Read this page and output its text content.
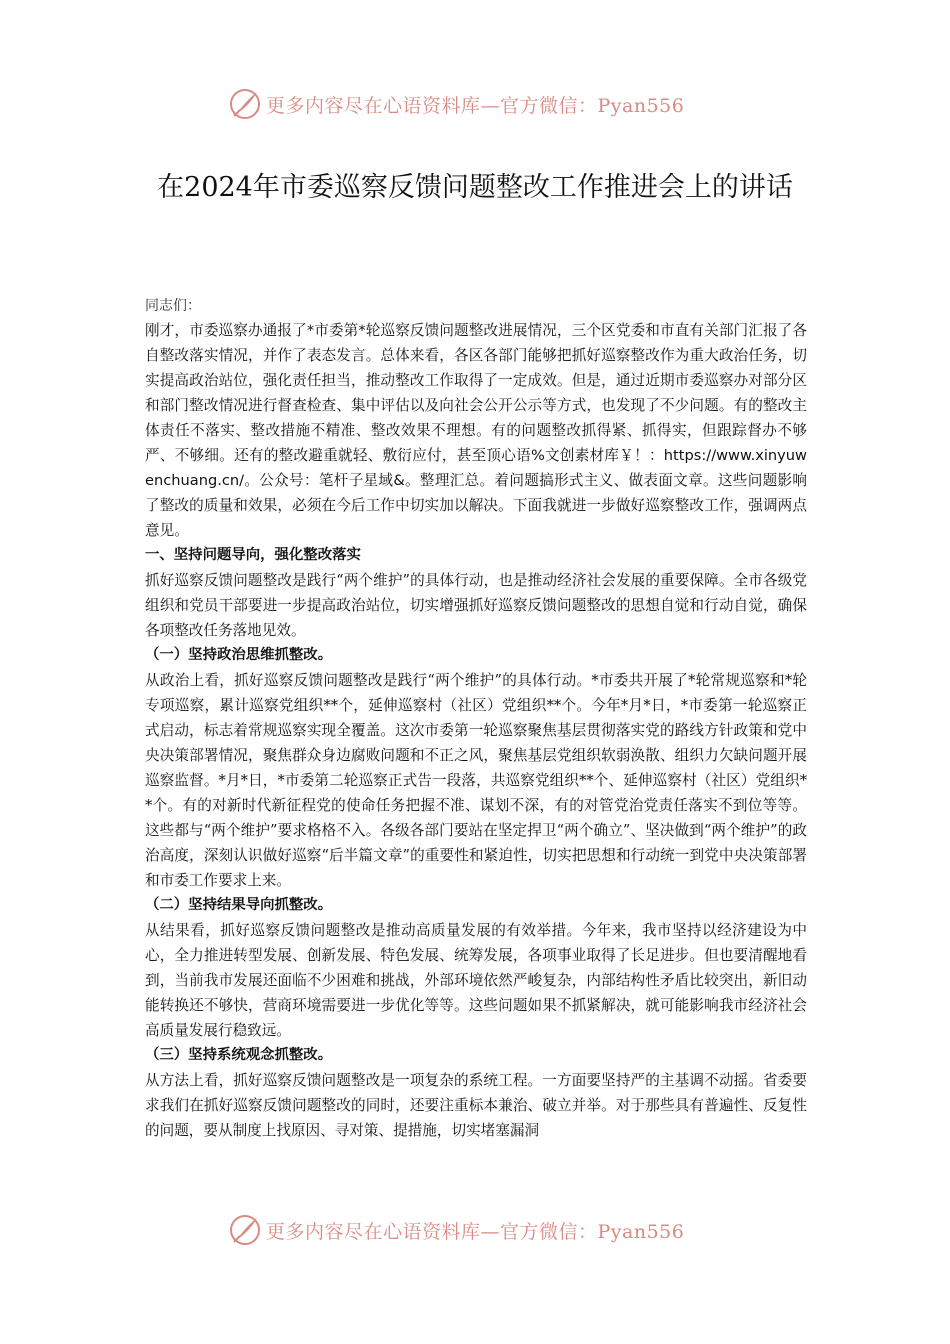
更多内容尽在心语资料库—官方微信：Pyan556
在2024年市委巡察反馈问题整改工作推进会上的讲话

同志们：

刚才，市委巡察办通报了*市委第*轮巡察反馈问题整改进展情况，三个区党委和市直有关部门汇报了各自整改落实情况，并作了表态发言。总体来看，各区各部门能够把抓好巡察整改作为重大政治任务，切实提高政治站位，强化责任担当，推动整改工作取得了一定成效。但是，通过近期市委巡察办对部分区和部门整改情况进行督查检查、集中评估以及向社会公开公示等方式，也发现了不少问题。有的整改主体责任不落实、整改措施不精准、整改效果不理想。有的问题整改抓得紧、抓得实，但跟踪督办不够严、不够细。还有的整改避重就轻、敷衍应付，甚至顶心语%文创素材库￥！：https://www.xinyuwenchuang.cn/。公众号：笔杆子星域&。整理汇总。着问题搞形式主义、做表面文章。这些问题影响了整改的质量和效果，必须在今后工作中切实加以解决。下面我就进一步做好巡察整改工作，强调两点意见。

一、坚持问题导向，强化整改落实

抓好巡察反馈问题整改是践行“两个维护”的具体行动，也是推动经济社会发展的重要保障。全市各级党组织和党员干部要进一步提高政治站位，切实增强抓好巡察反馈问题整改的思想自觉和行动自觉，确保各项整改任务落地见效。

（一）坚持政治思维抓整改。

从政治上看，抓好巡察反馈问题整改是践行“两个维护”的具体行动。*市委共开展了*轮常规巡察和*轮专项巡察，累计巡察党组织**个，延伸巡察村（社区）党组织**个。今年*月*日，*市委第一轮巡察正式启动，标志着常规巡察实现全覆盖。这次市委第一轮巡察聚焦基层贯彻落实党的路线方针政策和党中央决策部署情况，聚焦群众身边腐败问题和不正之风，聚焦基层党组织软弱涣散、组织力欠缺问题开展巡察监督。*月*日，*市委第二轮巡察正式告一段落，共巡察党组织**个、延伸巡察村（社区）党组织**个。有的对新时代新征程党的使命任务把握不准、谋划不深，有的对管党治党责任落实不到位等等。这些都与“两个维护”要求格格不入。各级各部门要站在坚定捍卫“两个确立”、坚决做到“两个维护”的政治高度，深刻认识做好巡察“后半篇文章”的重要性和紧迫性，切实把思想和行动统一到党中央决策部署和市委工作要求上来。

（二）坚持结果导向抓整改。

从结果看，抓好巡察反馈问题整改是推动高质量发展的有效举措。今年来，我市坚持以经济建设为中心，全力推进转型发展、创新发展、特色发展、统筹发展，各项事业取得了长足进步。但也要清醒地看到，当前我市发展还面临不少困难和挑战，外部环境依然严峻复杂，内部结构性矛盾比较突出，新旧动能转换还不够快，营商环境需要进一步优化等等。这些问题如果不抓紧解决，就可能影响我市经济社会高质量发展行稳致远。

（三）坚持系统观念抓整改。

从方法上看，抓好巡察反馈问题整改是一项复杂的系统工程。一方面要坚持严的主基调不动摇。省委要求我们在抓好巡察反馈问题整改的同时，还要注重标本兼治、破立并举。对于那些具有普遍性、反复性的问题，要从制度上找原因、寻对策、提措施，切实堵塞漏洞

更多内容尽在心语资料库—官方微信：Pyan556
